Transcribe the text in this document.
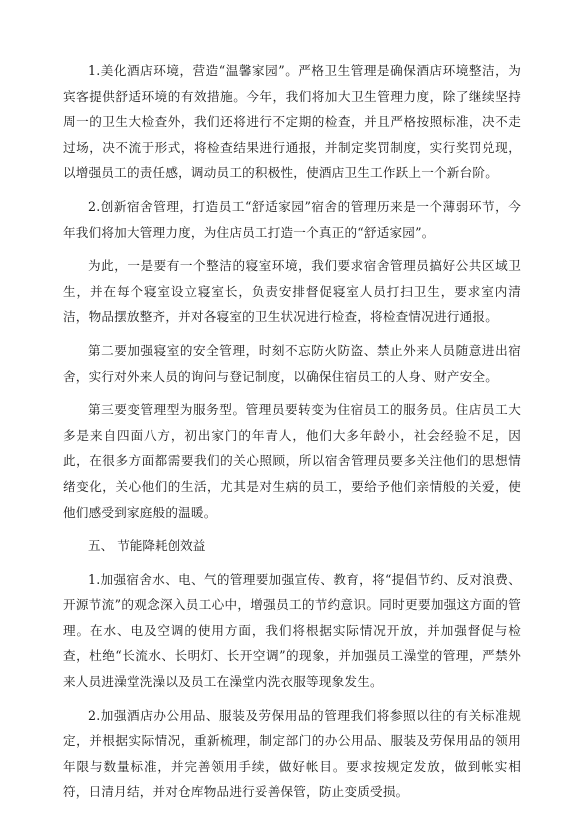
1.美化酒店环境，营造“温馨家园”。严格卫生管理是确保酒店环境整洁，为宾客提供舒适环境的有效措施。今年，我们将加大卫生管理力度，除了继续坚持周一的卫生大检查外，我们还将进行不定期的检查，并且严格按照标准，决不走过场，决不流于形式，将检查结果进行通报，并制定奖罚制度，实行奖罚兑现，以增强员工的责任感，调动员工的积极性，使酒店卫生工作跃上一个新台阶。

2.创新宿舍管理，打造员工“舒适家园”宿舍的管理历来是一个薄弱环节，今年我们将加大管理力度，为住店员工打造一个真正的“舒适家园”。

为此，一是要有一个整洁的寝室环境，我们要求宿舍管理员搞好公共区域卫生，并在每个寝室设立寝室长，负责安排督促寝室人员打扫卫生，要求室内清洁，物品摆放整齐，并对各寝室的卫生状况进行检查，将检查情况进行通报。

第二要加强寝室的安全管理，时刻不忘防火防盗、禁止外来人员随意进出宿舍，实行对外来人员的询问与登记制度，以确保住宿员工的人身、财产安全。

第三要变管理型为服务型。管理员要转变为住宿员工的服务员。住店员工大多是来自四面八方，初出家门的年青人，他们大多年龄小，社会经验不足，因此，在很多方面都需要我们的关心照顾，所以宿舍管理员要多关注他们的思想情绪变化，关心他们的生活，尤其是对生病的员工，要给予他们亲情般的关爱，使他们感受到家庭般的温暖。

五、 节能降耗创效益

1.加强宿舍水、电、气的管理要加强宣传、教育，将“提倡节约、反对浪费、开源节流”的观念深入员工心中，增强员工的节约意识。同时更要加强这方面的管理。在水、电及空调的使用方面，我们将根据实际情况开放，并加强督促与检查，杜绝“长流水、长明灯、长开空调”的现象，并加强员工澡堂的管理，严禁外来人员进澡堂洗澡以及员工在澡堂内洗衣服等现象发生。

2.加强酒店办公用品、服装及劳保用品的管理我们将参照以往的有关标准规定，并根据实际情况，重新梳理，制定部门的办公用品、服装及劳保用品的领用年限与数量标准，并完善领用手续，做好帐目。要求按规定发放，做到帐实相符，日清月结，并对仓库物品进行妥善保管，防止变质受损。
